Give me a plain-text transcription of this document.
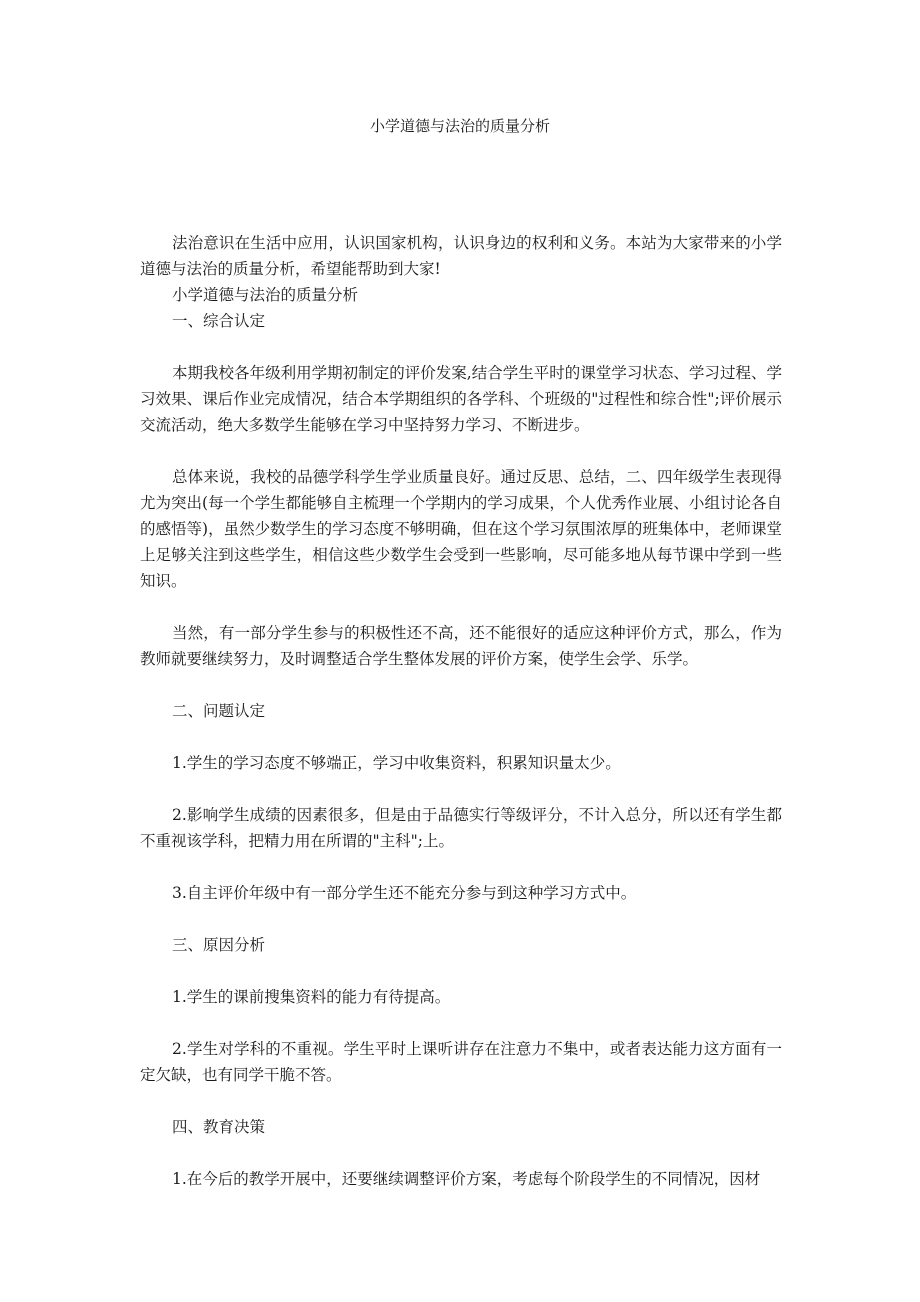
小学道德与法治的质量分析

法治意识在生活中应用，认识国家机构，认识身边的权利和义务。本站为大家带来的小学道德与法治的质量分析，希望能帮助到大家!

小学道德与法治的质量分析

一、综合认定

本期我校各年级利用学期初制定的评价发案,结合学生平时的课堂学习状态、学习过程、学习效果、课后作业完成情况，结合本学期组织的各学科、个班级的"过程性和综合性";评价展示交流活动，绝大多数学生能够在学习中坚持努力学习、不断进步。

总体来说，我校的品德学科学生学业质量良好。通过反思、总结，二、四年级学生表现得尤为突出(每一个学生都能够自主梳理一个学期内的学习成果，个人优秀作业展、小组讨论各自的感悟等)，虽然少数学生的学习态度不够明确，但在这个学习氛围浓厚的班集体中，老师课堂上足够关注到这些学生，相信这些少数学生会受到一些影响，尽可能多地从每节课中学到一些知识。

当然，有一部分学生参与的积极性还不高，还不能很好的适应这种评价方式，那么，作为教师就要继续努力，及时调整适合学生整体发展的评价方案，使学生会学、乐学。

二、问题认定

1.学生的学习态度不够端正，学习中收集资料，积累知识量太少。

2.影响学生成绩的因素很多，但是由于品德实行等级评分，不计入总分，所以还有学生都不重视该学科，把精力用在所谓的"主科";上。

3.自主评价年级中有一部分学生还不能充分参与到这种学习方式中。

三、原因分析

1.学生的课前搜集资料的能力有待提高。

2.学生对学科的不重视。学生平时上课听讲存在注意力不集中，或者表达能力这方面有一定欠缺，也有同学干脆不答。

四、教育决策

1.在今后的教学开展中，还要继续调整评价方案，考虑每个阶段学生的不同情况，因材
